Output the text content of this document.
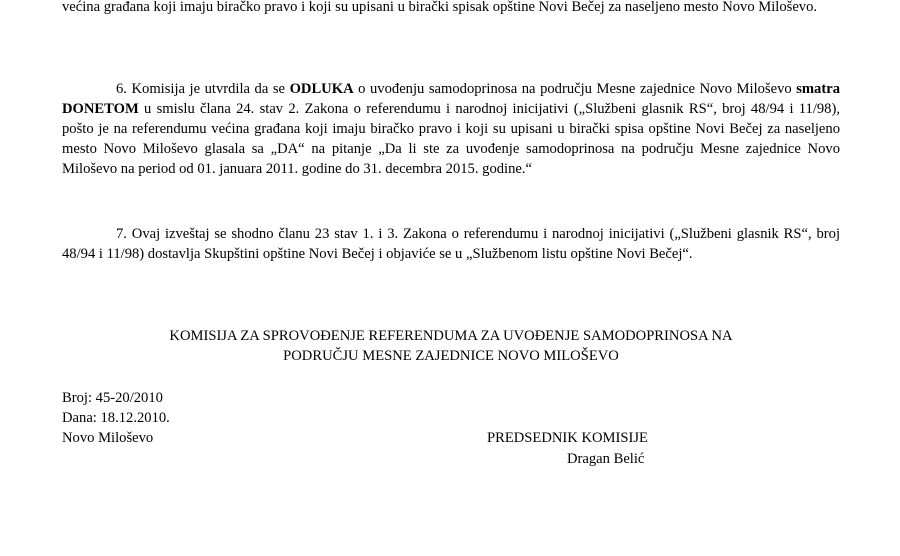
većina građana koji imaju biračko pravo i koji su upisani u birački spisak opštine Novi Bečej za naseljeno mesto Novo Miloševo.

6. Komisija je utvrdila da se ODLUKA o uvođenju samodoprinosa na području Mesne zajednice Novo Miloševo smatra DONETOM u smislu člana 24. stav 2. Zakona o referendumu i narodnoj inicijativi („Službeni glasnik RS“, broj 48/94 i 11/98), pošto je na referendumu većina građana koji imaju biračko pravo i koji su upisani u birački spisa opštine Novi Bečej za naseljeno mesto Novo Miloševo glasala sa „DA“ na pitanje „Da li ste za uvođenje samodoprinosa na području Mesne zajednice Novo Miloševo na period od 01. januara 2011. godine do 31. decembra 2015. godine.“

7. Ovaj izveštaj se shodno članu 23 stav 1. i 3. Zakona o referendumu i narodnoj inicijativi („Službeni glasnik RS“, broj 48/94 i 11/98) dostavlja Skupštini opštine Novi Bečej i objaviće se u „Službenom listu opštine Novi Bečej“.

KOMISIJA ZA SPROVOĐENJE REFERENDUMA ZA UVOĐENJE SAMODOPRINOSA NA

PODRUČJU MESNE ZAJEDNICE NOVO MILOŠEVO

Broj: 45-20/2010

Dana: 18.12.2010.

Novo Miloševo	PREDSEDNIK KOMISIJE
Dragan Belić
